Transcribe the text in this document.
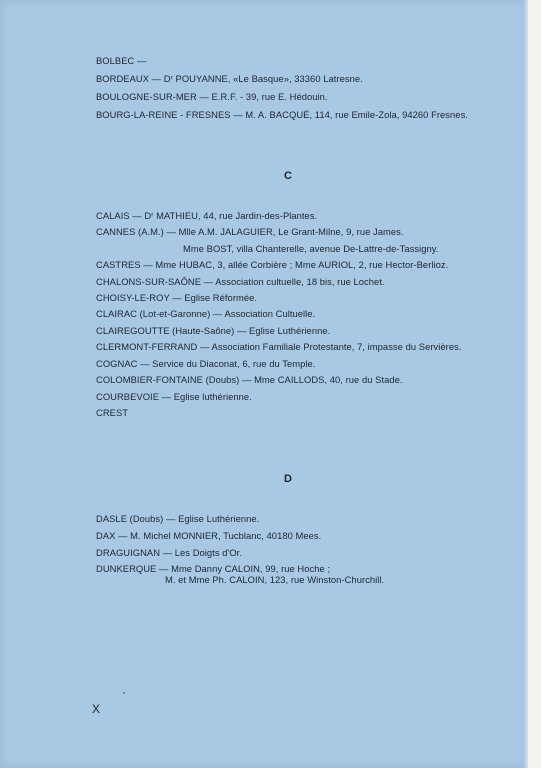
BOLBEC —
BORDEAUX — Dʳ POUYANNE, «Le Basque», 33360 Latresne.
BOULOGNE-SUR-MER — E.R.F. - 39, rue E. Hédouin.
BOURG-LA-REINE - FRESNES — M. A. BACQUÉ, 114, rue Emile-Zola, 94260 Fresnes.
C
CALAIS — Dʳ MATHIEU, 44, rue Jardin-des-Plantes.
CANNES (A.M.) — Mlle A.M. JALAGUIER, Le Grant-Milne, 9, rue James.
Mme BOST, villa Chanterelle, avenue De-Lattre-de-Tassigny.
CASTRES — Mme HUBAC, 3, allée Corbière ; Mme AURIOL, 2, rue Hector-Berlioz.
CHALONS-SUR-SAÔNE — Association cultuelle, 18 bis, rue Lochet.
CHOISY-LE-ROY — Eglise Réformée.
CLAIRAC (Lot-et-Garonne) — Association Cultuelle.
CLAIREGOUTTE (Haute-Saône) — Eglise Luthérienne.
CLERMONT-FERRAND — Association Familiale Protestante, 7, impasse du Servières.
COGNAC — Service du Diaconat, 6, rue du Temple.
COLOMBIER-FONTAINE (Doubs) — Mme CAILLODS, 40, rue du Stade.
COURBEVOIE — Eglise luthérienne.
CREST
D
DASLE (Doubs) — Eglise Luthérienne.
DAX — M. Michel MONNIER, Tucblanc, 40180 Mees.
DRAGUIGNAN — Les Doigts d'Or.
DUNKERQUE — Mme Danny CALOIN, 99, rue Hoche ;
M. et Mme Ph. CALOIN, 123, rue Winston-Churchill.
X
